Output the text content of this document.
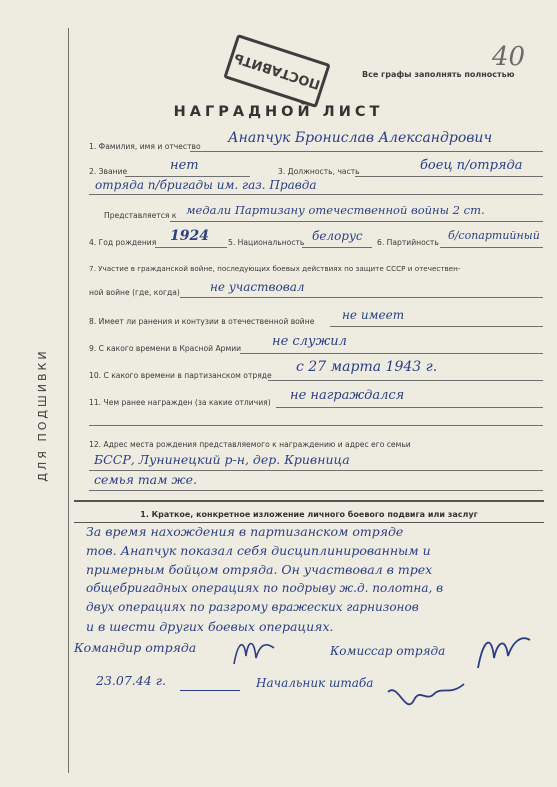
ДЛЯ ПОДШИВКИ
ПОСТАВИТЬ	40
Все графы заполнять полностью
НАГРАДНОЙ ЛИСТ
1. Фамилия, имя и отчество
Анапчук Бронислав Александрович
2. Звание	нет	3. Должность, часть	боец п/отряда
отряда п/бригады им. газ. Правда
Представляется к медали Партизану отечественной войны 2 ст.
4. Год рождения 1924	5. Национальность белорус 6. Партийность
б/сопартийный
7. Участие в гражданской войне, последующих боевых действиях по защите СССР и отечествен-
ной войне (где, когда)	не участвовал
8. Имеет ли ранения и контузии в отечественной войне не имеет
9. С какого времени в Красной Армии не служил
10. С какого времени в партизанском отряде
с 27 марта 1943 г.
11. Чем ранее награжден (за какие отличия) не награждался
12. Адрес места рождения представляемого к награждению и адрес его семьи
БССР, Лунинецкий р-н, дер. Кривница
семья там же.
1. Краткое, конкретное изложение личного боевого подвига или заслуг
За время нахождения в партизанском отряде
тов. Анапчук показал себя дисциплинированным и
примерным бойцом отряда. Он участвовал в трех
общебригадных операциях по подрыву ж.д. полотна, в
двух операциях по разгрому вражеских гарнизонов
и в шести других боевых операциях.
Командир отряда	Комиссар отряда
23.07.44 г.	Начальник штаба
